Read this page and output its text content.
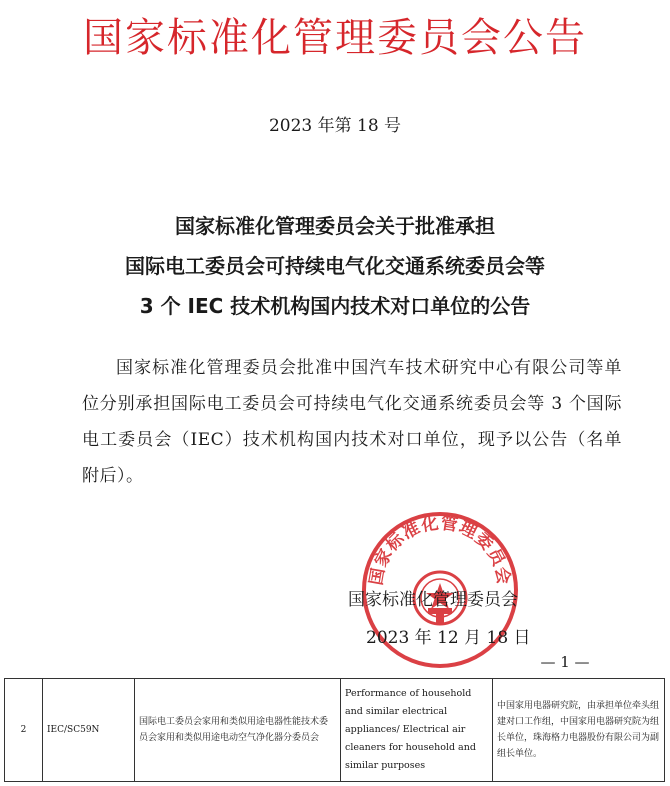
国家标准化管理委员会公告
2023 年第 18 号
国家标准化管理委员会关于批准承担
国际电工委员会可持续电气化交通系统委员会等
3 个 IEC 技术机构国内技术对口单位的公告

国家标准化管理委员会批准中国汽车技术研究中心有限公司等单位分别承担国际电工委员会可持续电气化交通系统委员会等 3 个国际电工委员会（IEC）技术机构国内技术对口单位，现予以公告（名单附后）。

国家标准化管理委员会
国家标准化管理委员会
2023 年 12 月 18 日
— 1 —
2	IEC/SC59N	国际电工委员会家用和类似用途电器性能技术委员会家用和类似用途电动空气净化器分委员会	Performance of household and similar electrical appliances/ Electrical air cleaners for household and similar purposes	中国家用电器研究院，由承担单位牵头组建对口工作组，中国家用电器研究院为组长单位，珠海格力电器股份有限公司为副组长单位。
